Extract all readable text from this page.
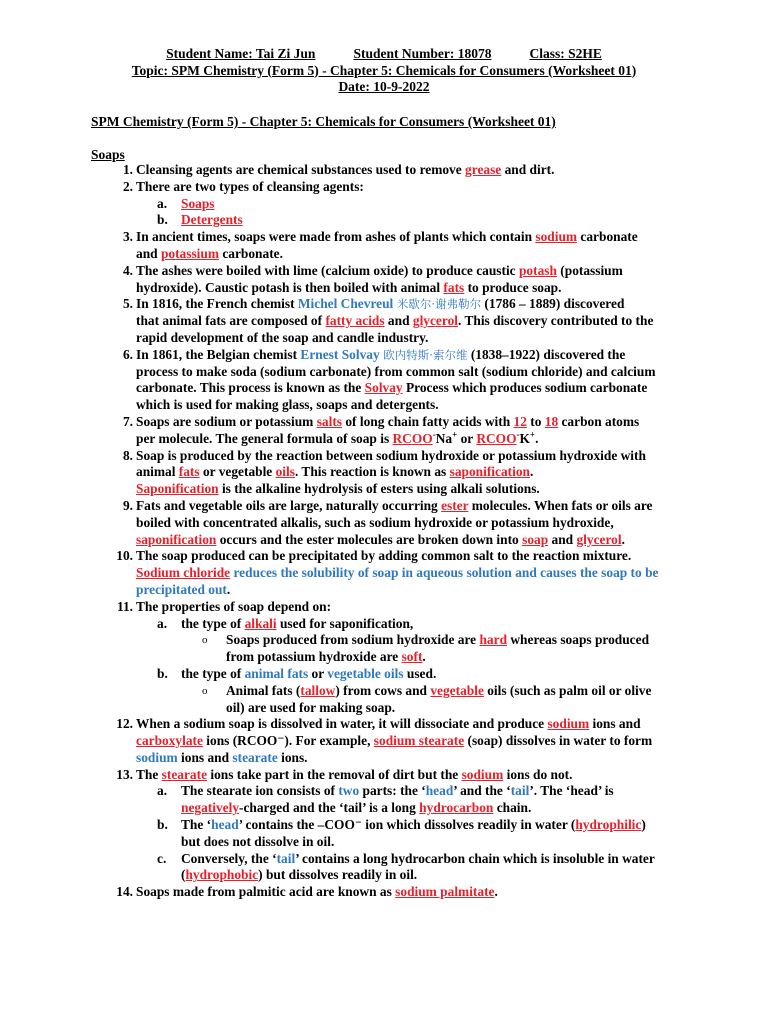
Student Name: Tai Zi Jun	Student Number: 18078	Class: S2HE
Topic: SPM Chemistry (Form 5) - Chapter 5: Chemicals for Consumers (Worksheet 01)
Date: 10-9-2022
SPM Chemistry (Form 5) - Chapter 5: Chemicals for Consumers (Worksheet 01)
Soaps
1. Cleansing agents are chemical substances used to remove grease and dirt.
2. There are two types of cleansing agents:
a. Soaps
b. Detergents
3. In ancient times, soaps were made from ashes of plants which contain sodium carbonate
and potassium carbonate.
4. The ashes were boiled with lime (calcium oxide) to produce caustic potash (potassium
hydroxide). Caustic potash is then boiled with animal fats to produce soap.
5. In 1816, the French chemist Michel Chevreul 米歇尔·谢弗勒尔 (1786 – 1889) discovered
that animal fats are composed of fatty acids and glycerol. This discovery contributed to the
rapid development of the soap and candle industry.
6. In 1861, the Belgian chemist Ernest Solvay 欧内特斯·索尔维 (1838–1922) discovered the
process to make soda (sodium carbonate) from common salt (sodium chloride) and calcium
carbonate. This process is known as the Solvay Process which produces sodium carbonate
which is used for making glass, soaps and detergents.
7. Soaps are sodium or potassium salts of long chain fatty acids with 12 to 18 carbon atoms
per molecule. The general formula of soap is RCOO-Na+ or RCOO-K+.
8. Soap is produced by the reaction between sodium hydroxide or potassium hydroxide with
animal fats or vegetable oils. This reaction is known as saponification.
Saponification is the alkaline hydrolysis of esters using alkali solutions.
9. Fats and vegetable oils are large, naturally occurring ester molecules. When fats or oils are
boiled with concentrated alkalis, such as sodium hydroxide or potassium hydroxide,
saponification occurs and the ester molecules are broken down into soap and glycerol.
10. The soap produced can be precipitated by adding common salt to the reaction mixture.
Sodium chloride reduces the solubility of soap in aqueous solution and causes the soap to be
precipitated out.
11. The properties of soap depend on:
a. the type of alkali used for saponification,
o Soaps produced from sodium hydroxide are hard whereas soaps produced
from potassium hydroxide are soft.
b. the type of animal fats or vegetable oils used.
o Animal fats (tallow) from cows and vegetable oils (such as palm oil or olive
oil) are used for making soap.
12. When a sodium soap is dissolved in water, it will dissociate and produce sodium ions and
carboxylate ions (RCOO⁻). For example, sodium stearate (soap) dissolves in water to form
sodium ions and stearate ions.
13. The stearate ions take part in the removal of dirt but the sodium ions do not.
a. The stearate ion consists of two parts: the ‘head’ and the ‘tail’. The ‘head’ is
negatively-charged and the ‘tail’ is a long hydrocarbon chain.
b. The ‘head’ contains the –COO⁻ ion which dissolves readily in water (hydrophilic)
but does not dissolve in oil.
c. Conversely, the ‘tail’ contains a long hydrocarbon chain which is insoluble in water
(hydrophobic) but dissolves readily in oil.
14. Soaps made from palmitic acid are known as sodium palmitate.
